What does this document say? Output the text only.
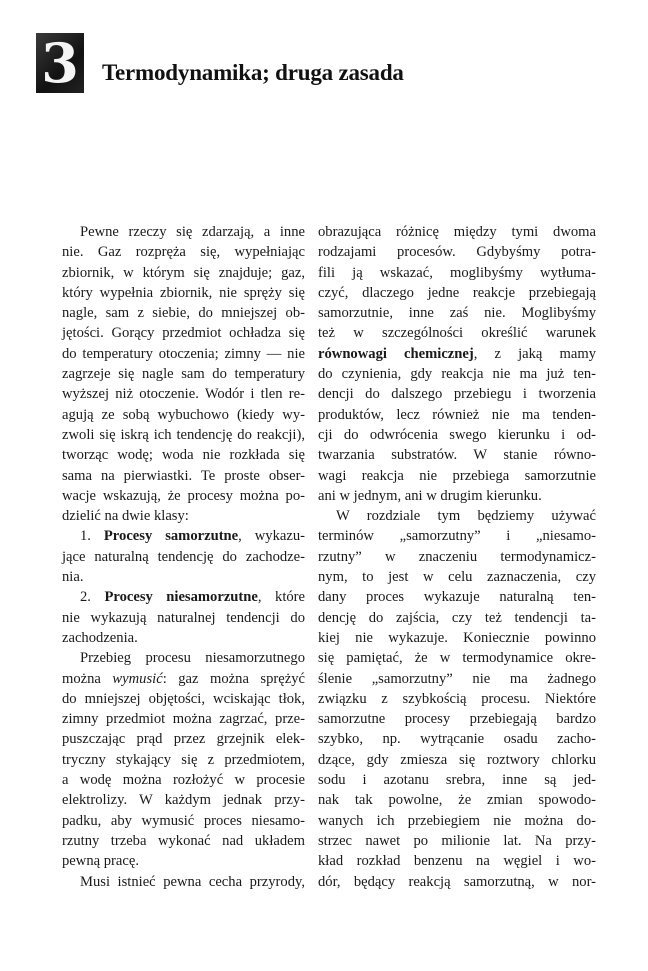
3 Termodynamika; druga zasada
Pewne rzeczy się zdarzają, a inne
nie. Gaz rozpręża się, wypełniając
zbiornik, w którym się znajduje; gaz,
który wypełnia zbiornik, nie spręży się
nagle, sam z siebie, do mniejszej ob-
jętości. Gorący przedmiot ochładza się
do temperatury otoczenia; zimny — nie
zagrzeje się nagle sam do temperatury
wyższej niż otoczenie. Wodór i tlen re-
agują ze sobą wybuchowo (kiedy wy-
zwoli się iskrą ich tendencję do reakcji),
tworząc wodę; woda nie rozkłada się
sama na pierwiastki. Te proste obser-
wacje wskazują, że procesy można po-
dzielić na dwie klasy:
1. Procesy samorzutne, wykazu-
jące naturalną tendencję do zachodze-
nia.
2. Procesy niesamorzutne, które
nie wykazują naturalnej tendencji do
zachodzenia.
Przebieg procesu niesamorzutnego
można wymusić: gaz można sprężyć
do mniejszej objętości, wciskając tłok,
zimny przedmiot można zagrzać, prze-
puszczając prąd przez grzejnik elek-
tryczny stykający się z przedmiotem,
a wodę można rozłożyć w procesie
elektrolizy. W każdym jednak przy-
padku, aby wymusić proces niesamo-
rzutny trzeba wykonać nad układem
pewną pracę.
Musi istnieć pewna cecha przyrody,
obrazująca różnicę między tymi dwoma
rodzajami procesów. Gdybyśmy potra-
fili ją wskazać, moglibyśmy wytłuma-
czyć, dlaczego jedne reakcje przebiegają
samorzutnie, inne zaś nie. Moglibyśmy
też w szczególności określić warunek
równowagi chemicznej, z jaką mamy
do czynienia, gdy reakcja nie ma już ten-
dencji do dalszego przebiegu i tworzenia
produktów, lecz również nie ma tenden-
cji do odwrócenia swego kierunku i od-
twarzania substratów. W stanie równo-
wagi reakcja nie przebiega samorzutnie
ani w jednym, ani w drugim kierunku.
W rozdziale tym będziemy używać
terminów „samorzutny” i „niesamo-
rzutny” w znaczeniu termodynamicz-
nym, to jest w celu zaznaczenia, czy
dany proces wykazuje naturalną ten-
dencję do zajścia, czy też tendencji ta-
kiej nie wykazuje. Koniecznie powinno
się pamiętać, że w termodynamice okre-
ślenie „samorzutny” nie ma żadnego
związku z szybkością procesu. Niektóre
samorzutne procesy przebiegają bardzo
szybko, np. wytrącanie osadu zacho-
dzące, gdy zmiesza się roztwory chlorku
sodu i azotanu srebra, inne są jed-
nak tak powolne, że zmian spowodo-
wanych ich przebiegiem nie można do-
strzec nawet po milionie lat. Na przy-
kład rozkład benzenu na węgiel i wo-
dór, będący reakcją samorzutną, w nor-
